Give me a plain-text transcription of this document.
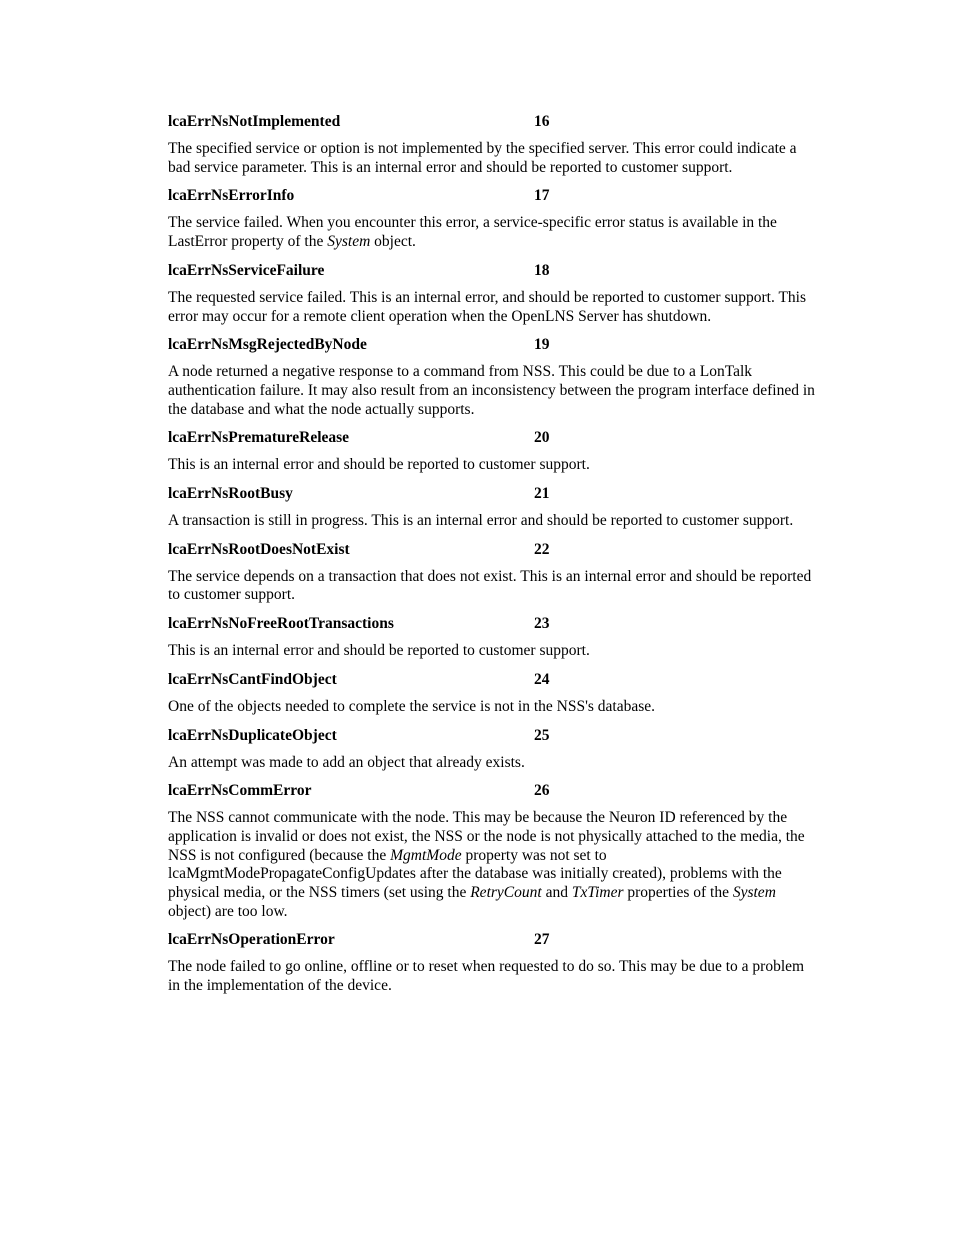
lcaErrNsNotImplemented	16

The specified service or option is not implemented by the specified server. This error could indicate a bad service parameter. This is an internal error and should be reported to customer support.

lcaErrNsErrorInfo	17

The service failed. When you encounter this error, a service-specific error status is available in the LastError property of the System object.

lcaErrNsServiceFailure	18

The requested service failed. This is an internal error, and should be reported to customer support. This error may occur for a remote client operation when the OpenLNS Server has shutdown.

lcaErrNsMsgRejectedByNode	19

A node returned a negative response to a command from NSS. This could be due to a LonTalk authentication failure. It may also result from an inconsistency between the program interface defined in the database and what the node actually supports.

lcaErrNsPrematureRelease	20

This is an internal error and should be reported to customer support.

lcaErrNsRootBusy	21

A transaction is still in progress. This is an internal error and should be reported to customer support.

lcaErrNsRootDoesNotExist	22

The service depends on a transaction that does not exist. This is an internal error and should be reported to customer support.

lcaErrNsNoFreeRootTransactions	23

This is an internal error and should be reported to customer support.

lcaErrNsCantFindObject	24

One of the objects needed to complete the service is not in the NSS's database.

lcaErrNsDuplicateObject	25

An attempt was made to add an object that already exists.

lcaErrNsCommError	26

The NSS cannot communicate with the node. This may be because the Neuron ID referenced by the application is invalid or does not exist, the NSS or the node is not physically attached to the media, the NSS is not configured (because the MgmtMode property was not set to lcaMgmtModePropagateConfigUpdates after the database was initially created), problems with the physical media, or the NSS timers (set using the RetryCount and TxTimer properties of the System object) are too low.

lcaErrNsOperationError	27

The node failed to go online, offline or to reset when requested to do so. This may be due to a problem in the implementation of the device.
